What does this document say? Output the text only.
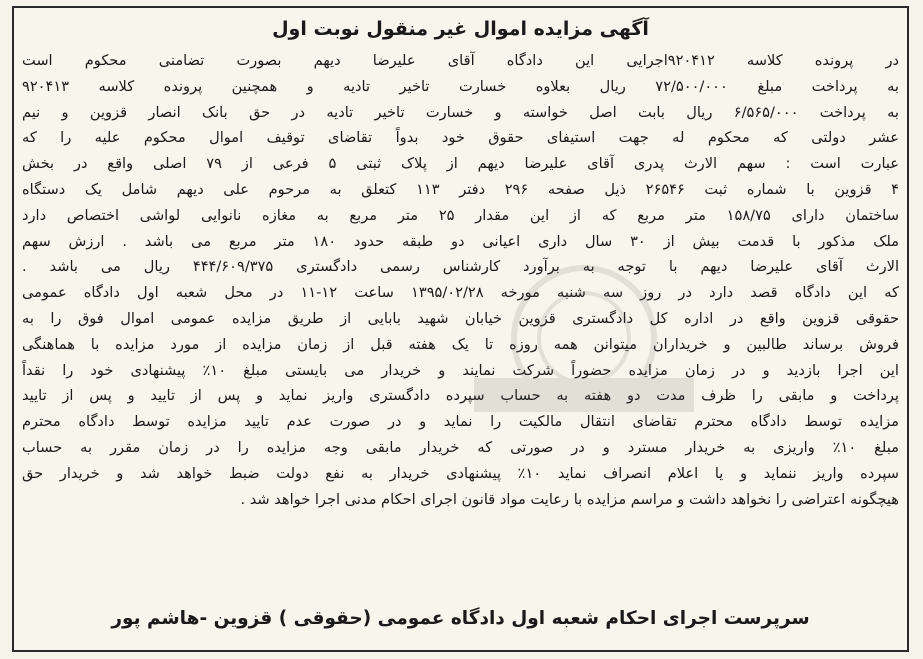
آگهی مزایده اموال غیر منقول نوبت اول
در پرونده کلاسه ۹۲۰۴۱۲اجرایی این دادگاه آقای علیرضا دیهم بصورت تضامنی محکوم است
به پرداخت مبلغ ۷۲/۵۰۰/۰۰۰ ریال بعلاوه خسارت تاخیر تادیه و همچنین پرونده کلاسه ۹۲۰۴۱۳
به پرداخت ۶/۵۶۵/۰۰۰ ریال بابت اصل خواسته و خسارت تاخیر تادیه در حق بانک انصار قزوین و نیم
عشر دولتی که محکوم له جهت استیفای حقوق خود بدواً تقاضای توقیف اموال محکوم علیه را که
عبارت است : سهم الارث پدری آقای علیرضا دیهم از پلاک ثبتی ۵ فرعی از ۷۹ اصلی واقع در بخش
۴ قزوین با شماره ثبت ۲۶۵۴۶ ذیل صفحه ۲۹۶ دفتر ۱۱۳ کتعلق به مرحوم علی دیهم شامل یک دستگاه
ساختمان دارای ۱۵۸/۷۵ متر مربع که از این مقدار ۲۵ متر مربع به مغازه نانوایی لواشی اختصاص دارد
ملک مذکور با قدمت بیش از ۳۰ سال داری اعیانی دو طبقه حدود ۱۸۰ متر مربع می باشد . ارزش سهم
الارث آقای علیرضا دیهم با توجه به برآورد کارشناس رسمی دادگستری ۴۴۴/۶۰۹/۳۷۵ ریال می باشد .
که این دادگاه قصد دارد در روز سه شنبه مورخه ۱۳۹۵/۰۲/۲۸ ساعت ۱۲-۱۱ در محل شعبه اول دادگاه عمومی
حقوقی قزوین واقع در اداره کل دادگستری قزوین خیابان شهید بابایی از طریق مزایده عمومی اموال فوق را به
فروش برساند طالبین و خریداران میتوانن همه روزه تا یک هفته قبل از زمان مزایده از مورد مزایده با هماهنگی
این اجرا بازدید و در زمان مزایده حضوراً شرکت نمایند و خریدار می بایستی مبلغ ۱۰٪ پیشنهادی خود را نقداً
پرداخت و مابقی را ظرف مدت دو هفته به حساب سپرده دادگستری واریز نماید و پس از تایید و پس از تایید
مزایده توسط دادگاه محترم تقاضای انتقال مالکیت را نماید و در صورت عدم تایید مزایده توسط دادگاه محترم
مبلغ ۱۰٪ واریزی به خریدار مسترد و در صورتی که خریدار مابقی وجه مزایده را در زمان مقرر به حساب
سپرده واریز ننماید و یا اعلام انصراف نماید ۱۰٪ پیشنهادی خریدار به نفع دولت ضبط خواهد شد و خریدار حق
هیچگونه اعتراضی را نخواهد داشت و مراسم مزایده با رعایت مواد قانون اجرای احکام مدنی اجرا خواهد شد .

سرپرست اجرای احکام شعبه اول دادگاه عمومی (حقوقی ) قزوین -هاشم پور
